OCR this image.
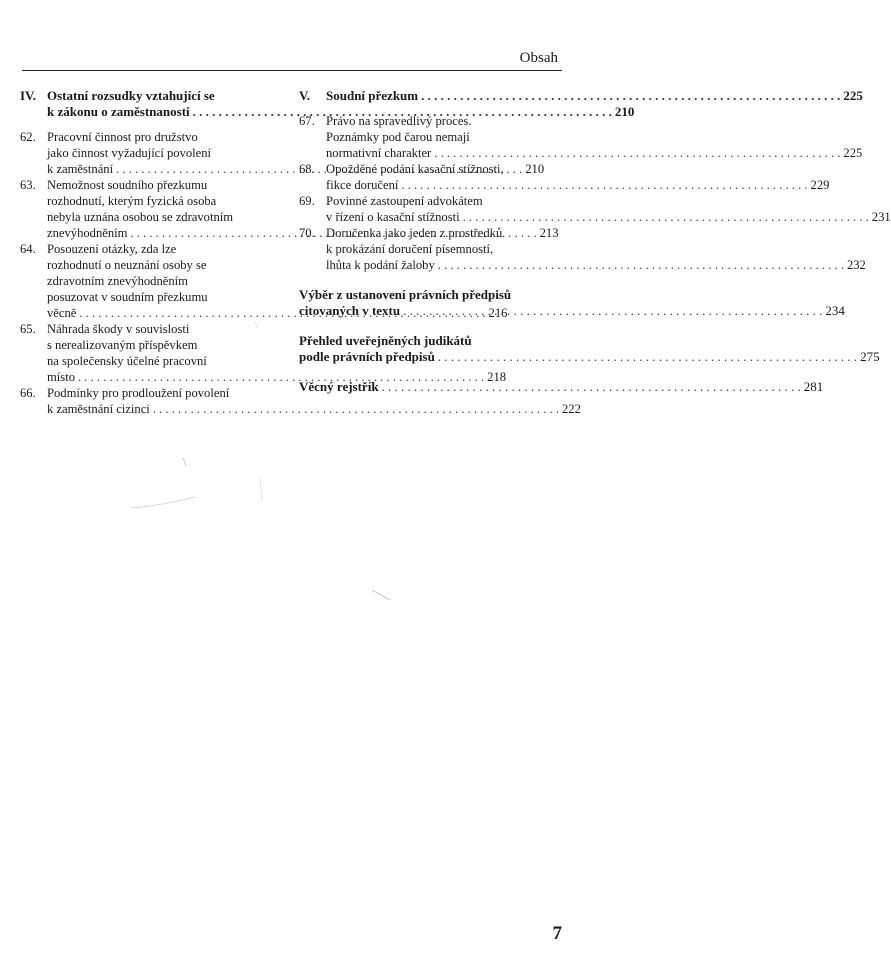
Obsah
IV. Ostatní rozsudky vztahující se
k zákonu o zaměstnanosti . . .	210
62. Pracovní činnost pro družstvo
jako činnost vyžadující povolení
k zaměstnání . . .	210
63. Nemožnost soudního přezkumu
rozhodnutí, kterým fyzická osoba
nebyla uznána osobou se zdravotním
znevýhodněním . . .	213
64. Posouzení otázky, zda lze
rozhodnutí o neuznání osoby se
zdravotním znevýhodněním
posuzovat v soudním přezkumu
věcně . . .	216
65. Náhrada škody v souvislosti
s nerealizovaným příspěvkem
na společensky účelné pracovní
místo . . .	218
66. Podmínky pro prodloužení povolení
k zaměstnání cizinci . . .	222
V.	Soudní přezkum . . .	225
67. Právo na spravedlivý proces.
Poznámky pod čarou nemají
normativní charakter . . .	225
68. Opožděné podání kasační stížnosti,
fikce doručení . . .	229
69. Povinné zastoupení advokátem
v řízení o kasační stížnosti . . .	231
70. Doručenka jako jeden z prostředků
k prokázání doručení písemností,
lhůta k podání žaloby . . .	232
Výběr z ustanovení právních předpisů
citovaných v textu . . .	234
Přehled uveřejněných judikátů
podle právních předpisů . . .	275
Věcný rejstřík . . .	281
7
